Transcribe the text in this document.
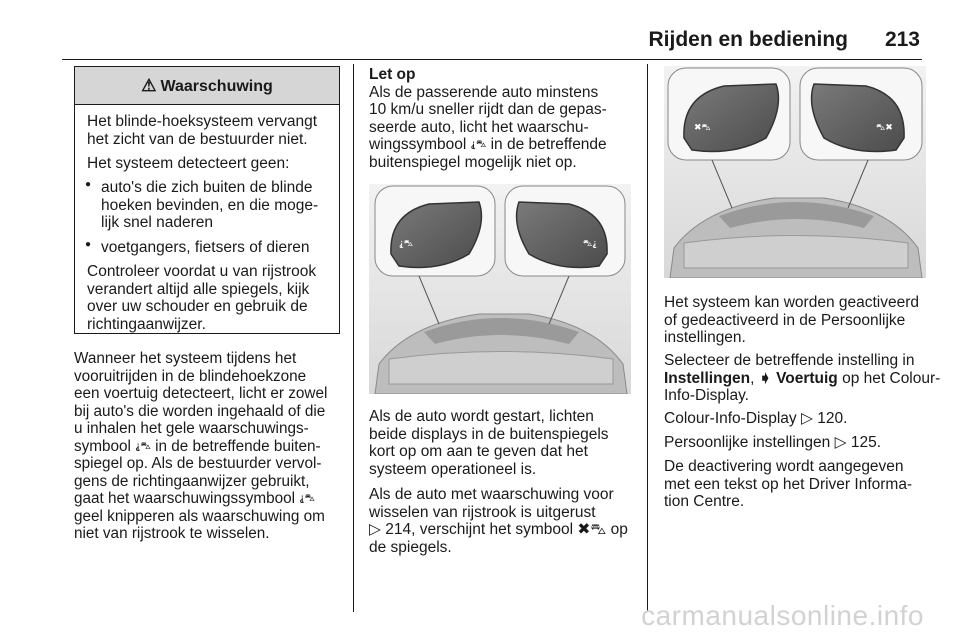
Rijden en bediening 213
⚠ Waarschuwing
Het blinde-hoeksysteem vervangt
het zicht van de bestuurder niet.
Het systeem detecteert geen:
● auto's die zich buiten de blinde
hoeken bevinden, en die moge-
lijk snel naderen
● voetgangers, fietsers of dieren
Controleer voordat u van rijstrook
verandert altijd alle spiegels, kijk
over uw schouder en gebruik de
richtingaanwijzer.
Wanneer het systeem tijdens het
vooruitrijden in de blindehoekzone
een voertuig detecteert, licht er zowel
bij auto's die worden ingehaald of die
u inhalen het gele waarschuwings-
symbool ⸘⛍ in de betreffende buiten-
spiegel op. Als de bestuurder vervol-
gens de richtingaanwijzer gebruikt,
gaat het waarschuwingssymbool ⸘⛍
geel knipperen als waarschuwing om
niet van rijstrook te wisselen.
Let op
Als de passerende auto minstens
10 km/u sneller rijdt dan de gepas-
seerde auto, licht het waarschu-
wingssymbool ⸘⛍ in de betreffende
buitenspiegel mogelijk niet op.
⸘⛍	⛍⸘
Als de auto wordt gestart, lichten
beide displays in de buitenspiegels
kort op om aan te geven dat het
systeem operationeel is.
Als de auto met waarschuwing voor
wisselen van rijstrook is uitgerust
▷ 214, verschijnt het symbool ✖⛍ op
de spiegels.
✖⛍	⛍✖
Het systeem kan worden geactiveerd
of gedeactiveerd in de Persoonlijke
instellingen.
Selecteer de betreffende instelling in
Instellingen, ➧ Voertuig op het Colour-
Info-Display.
Colour-Info-Display ▷ 120.
Persoonlijke instellingen ▷ 125.
De deactivering wordt aangegeven
met een tekst op het Driver Informa-
tion Centre.
carmanualsonline.info
